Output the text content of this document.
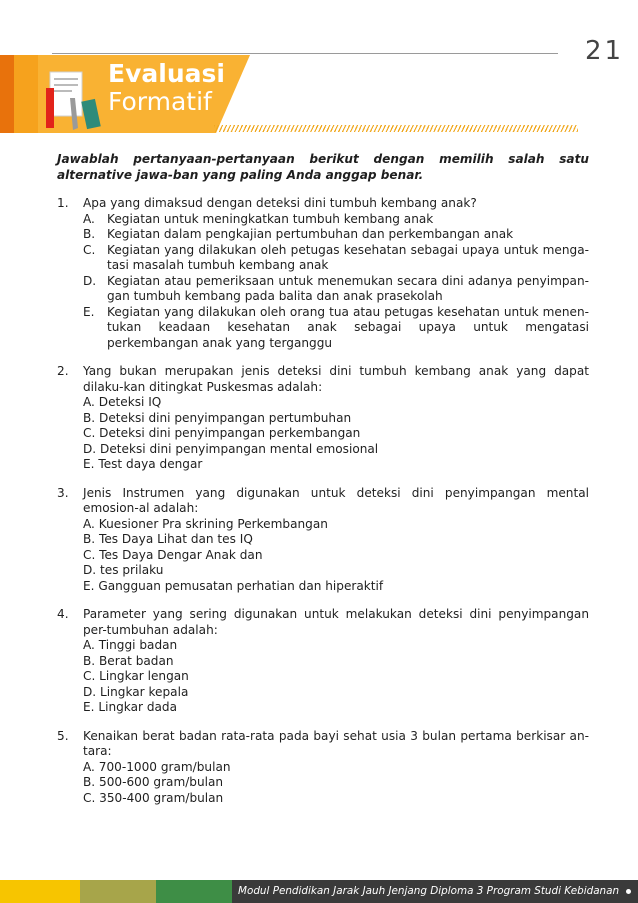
21
Evaluasi
Formatif

Jawablah pertanyaan-pertanyaan berikut dengan memilih salah satu alternative jawa-ban yang paling Anda anggap benar.

1. Apa yang dimaksud dengan deteksi dini tumbuh kembang anak?
A. Kegiatan untuk meningkatkan tumbuh kembang anak
B. Kegiatan dalam pengkajian pertumbuhan dan perkembangan anak
C. Kegiatan yang dilakukan oleh petugas kesehatan sebagai upaya untuk menga-tasi masalah tumbuh kembang anak
D. Kegiatan atau pemeriksaan untuk menemukan secara dini adanya penyimpan-gan tumbuh kembang pada balita dan anak prasekolah
E. Kegiatan yang dilakukan oleh orang tua atau petugas kesehatan untuk menen-tukan keadaan kesehatan anak sebagai upaya untuk mengatasi perkembangan anak yang terganggu
2. Yang bukan merupakan jenis deteksi dini tumbuh kembang anak yang dapat dilaku-kan ditingkat Puskesmas adalah:
A. Deteksi IQ
B. Deteksi dini penyimpangan pertumbuhan
C. Deteksi dini penyimpangan perkembangan
D. Deteksi dini penyimpangan mental emosional
E. Test daya dengar
3. Jenis Instrumen yang digunakan untuk deteksi dini penyimpangan mental emosion-al adalah:
A. Kuesioner Pra skrining Perkembangan
B. Tes Daya Lihat dan tes IQ
C. Tes Daya Dengar Anak dan
D. tes prilaku
E. Gangguan pemusatan perhatian dan hiperaktif
4. Parameter yang sering digunakan untuk melakukan deteksi dini penyimpangan per-tumbuhan adalah:
A. Tinggi badan
B. Berat badan
C. Lingkar lengan
D. Lingkar kepala
E. Lingkar dada
5. Kenaikan berat badan rata-rata pada bayi sehat usia 3 bulan pertama berkisar an-tara:
A. 700-1000 gram/bulan
B. 500-600 gram/bulan
C. 350-400 gram/bulan
Modul Pendidikan Jarak Jauh Jenjang Diploma 3 Program Studi Kebidanan
